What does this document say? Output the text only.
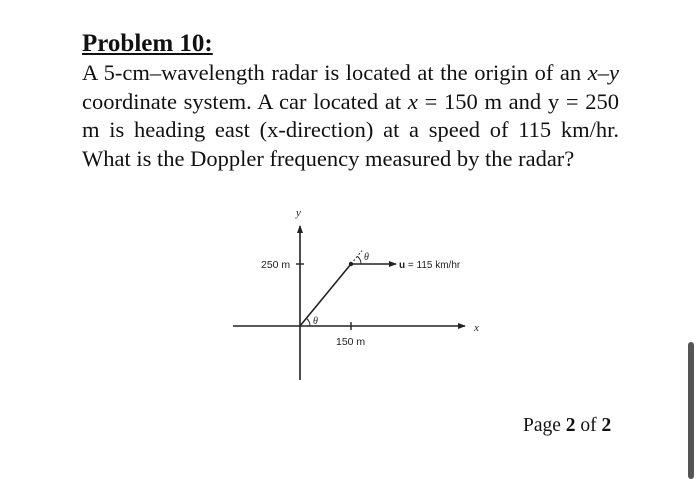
Problem 10:

A 5-cm–wavelength radar is located at the origin of an x–y coordinate system. A car located at x = 150 m and y = 250 m is heading east (x-direction) at a speed of 115 km/hr. What is the Doppler frequency measured by the radar?

y
x
250 m
150 m
θ
θ
u = 115 km/hr

Page 2 of 2
